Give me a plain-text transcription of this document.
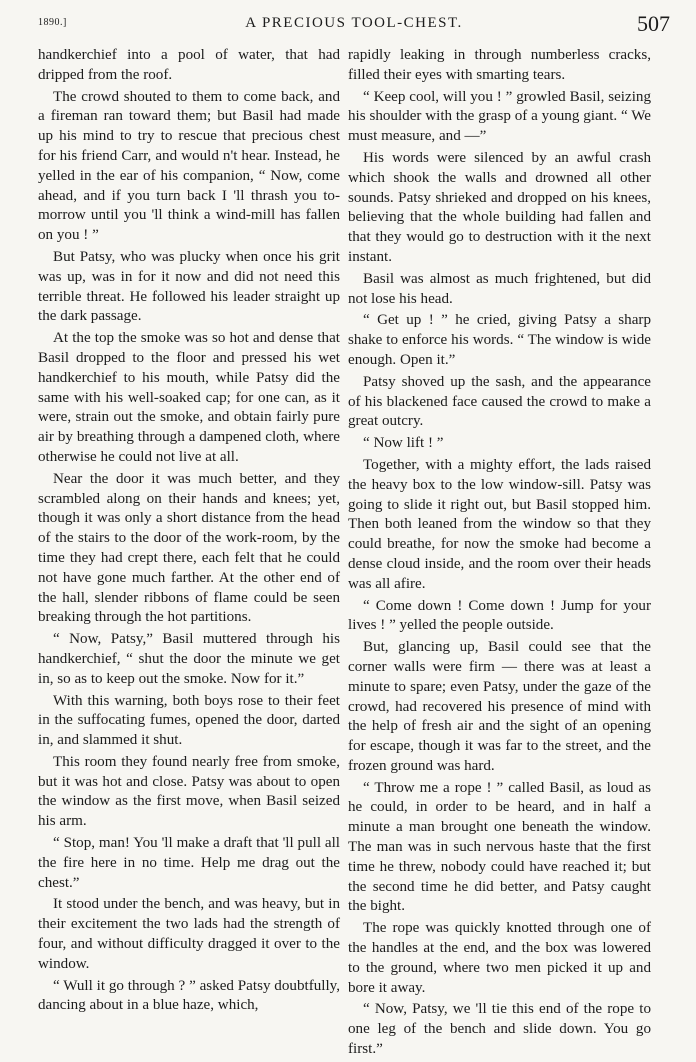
1890.]	A PRECIOUS TOOL-CHEST.	507

handkerchief into a pool of water, that had dripped from the roof.

The crowd shouted to them to come back, and a fireman ran toward them; but Basil had made up his mind to try to rescue that precious chest for his friend Carr, and would n't hear. Instead, he yelled in the ear of his companion, “ Now, come ahead, and if you turn back I 'll thrash you to-morrow until you 'll think a wind-mill has fallen on you ! ”

But Patsy, who was plucky when once his grit was up, was in for it now and did not need this terrible threat. He followed his leader straight up the dark passage.

At the top the smoke was so hot and dense that Basil dropped to the floor and pressed his wet handkerchief to his mouth, while Patsy did the same with his well-soaked cap; for one can, as it were, strain out the smoke, and obtain fairly pure air by breathing through a dampened cloth, where otherwise he could not live at all.

Near the door it was much better, and they scrambled along on their hands and knees; yet, though it was only a short distance from the head of the stairs to the door of the work-room, by the time they had crept there, each felt that he could not have gone much farther. At the other end of the hall, slender ribbons of flame could be seen breaking through the hot partitions.

“ Now, Patsy,” Basil muttered through his handkerchief, “ shut the door the minute we get in, so as to keep out the smoke. Now for it.”

With this warning, both boys rose to their feet in the suffocating fumes, opened the door, darted in, and slammed it shut.

This room they found nearly free from smoke, but it was hot and close. Patsy was about to open the window as the first move, when Basil seized his arm.

“ Stop, man! You 'll make a draft that 'll pull all the fire here in no time. Help me drag out the chest.”

It stood under the bench, and was heavy, but in their excitement the two lads had the strength of four, and without difficulty dragged it over to the window.

“ Wull it go through ? ” asked Patsy doubtfully, dancing about in a blue haze, which,

rapidly leaking in through numberless cracks, filled their eyes with smarting tears.

“ Keep cool, will you ! ” growled Basil, seizing his shoulder with the grasp of a young giant. “ We must measure, and —”

His words were silenced by an awful crash which shook the walls and drowned all other sounds. Patsy shrieked and dropped on his knees, believing that the whole building had fallen and that they would go to destruction with it the next instant.

Basil was almost as much frightened, but did not lose his head.

“ Get up ! ” he cried, giving Patsy a sharp shake to enforce his words. “ The window is wide enough. Open it.”

Patsy shoved up the sash, and the appearance of his blackened face caused the crowd to make a great outcry.

“ Now lift ! ”

Together, with a mighty effort, the lads raised the heavy box to the low window-sill. Patsy was going to slide it right out, but Basil stopped him. Then both leaned from the window so that they could breathe, for now the smoke had become a dense cloud inside, and the room over their heads was all afire.

“ Come down ! Come down ! Jump for your lives ! ” yelled the people outside.

But, glancing up, Basil could see that the corner walls were firm — there was at least a minute to spare; even Patsy, under the gaze of the crowd, had recovered his presence of mind with the help of fresh air and the sight of an opening for escape, though it was far to the street, and the frozen ground was hard.

“ Throw me a rope ! ” called Basil, as loud as he could, in order to be heard, and in half a minute a man brought one beneath the window. The man was in such nervous haste that the first time he threw, nobody could have reached it; but the second time he did better, and Patsy caught the bight.

The rope was quickly knotted through one of the handles at the end, and the box was lowered to the ground, where two men picked it up and bore it away.

“ Now, Patsy, we 'll tie this end of the rope to one leg of the bench and slide down. You go first.”
